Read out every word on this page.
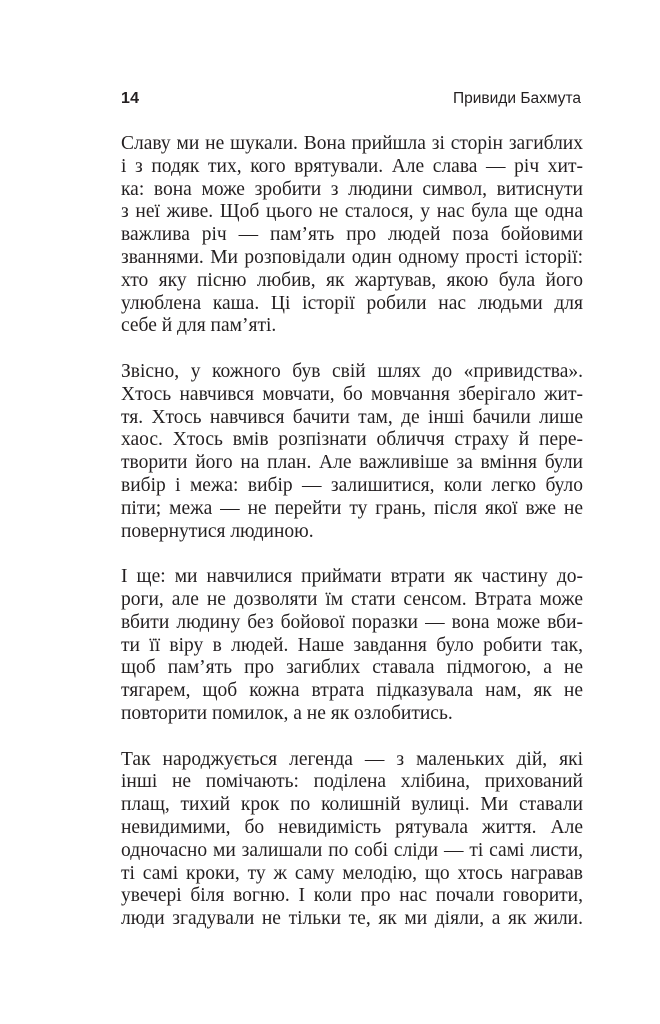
14	Привиди Бахмута

Славу ми не шукали. Вона прийшла зі сторін загиблих
і з подяк тих, кого врятували. Але слава — річ хит-
ка: вона може зробити з людини символ, витиснути
з неї живе. Щоб цього не сталося, у нас була ще одна
важлива річ — пам’ять про людей поза бойовими
званнями. Ми розповідали один одному прості історії:
хто яку пісню любив, як жартував, якою була його
улюблена каша. Ці історії робили нас людьми для
себе й для пам’яті.

Звісно, у кожного був свій шлях до «привидства».
Хтось навчився мовчати, бо мовчання зберігало жит-
тя. Хтось навчився бачити там, де інші бачили лише
хаос. Хтось вмів розпізнати обличчя страху й пере-
творити його на план. Але важливіше за вміння були
вибір і межа: вибір — залишитися, коли легко було
піти; межа — не перейти ту грань, після якої вже не
повернутися людиною.

І ще: ми навчилися приймати втрати як частину до-
роги, але не дозволяти їм стати сенсом. Втрата може
вбити людину без бойової поразки — вона може вби-
ти її віру в людей. Наше завдання було робити так,
щоб пам’ять про загиблих ставала підмогою, а не
тягарем, щоб кожна втрата підказувала нам, як не
повторити помилок, а не як озлобитись.

Так народжується легенда — з маленьких дій, які
інші не помічають: поділена хлібина, прихований
плащ, тихий крок по колишній вулиці. Ми ставали
невидимими, бо невидимість рятувала життя. Але
одночасно ми залишали по собі сліди — ті самі листи,
ті самі кроки, ту ж саму мелодію, що хтось награвав
увечері біля вогню. І коли про нас почали говорити,
люди згадували не тільки те, як ми діяли, а як жили.
